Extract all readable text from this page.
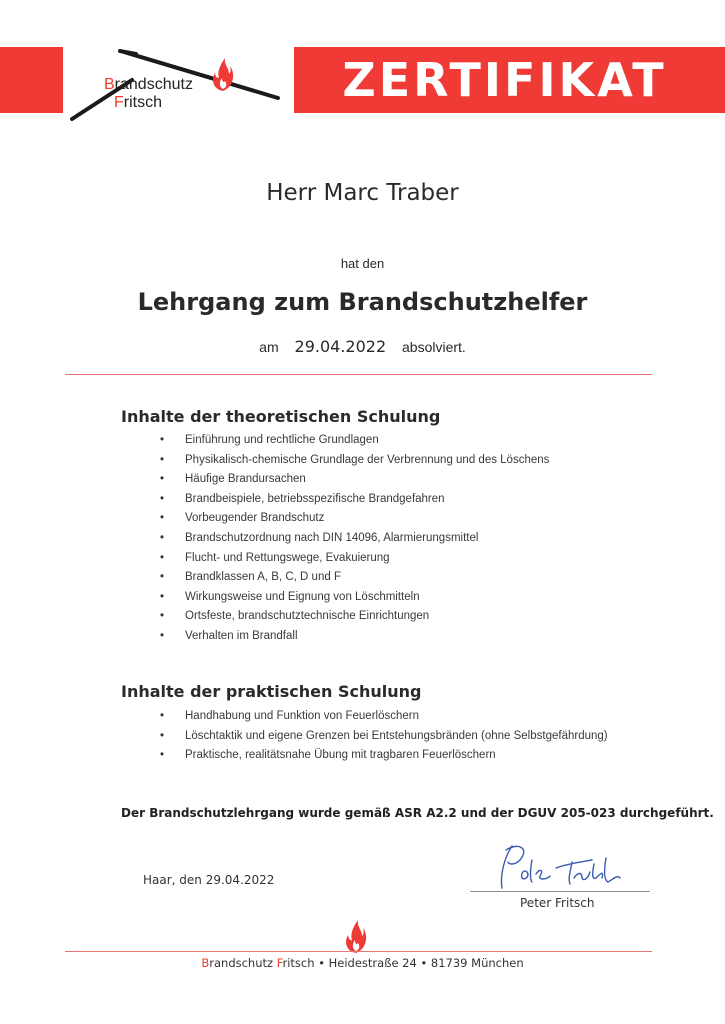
Brandschutz
Fritsch	ZERTIFIKAT
Herr Marc Traber
hat den
Lehrgang zum Brandschutzhelfer
am 29.04.2022 absolviert.
Inhalte der theoretischen Schulung
• Einführung und rechtliche Grundlagen
• Physikalisch-chemische Grundlage der Verbrennung und des Löschens
• Häufige Brandursachen
• Brandbeispiele, betriebsspezifische Brandgefahren
• Vorbeugender Brandschutz
• Brandschutzordnung nach DIN 14096, Alarmierungsmittel
• Flucht- und Rettungswege, Evakuierung
• Brandklassen A, B, C, D und F
• Wirkungsweise und Eignung von Löschmitteln
• Ortsfeste, brandschutztechnische Einrichtungen
• Verhalten im Brandfall
Inhalte der praktischen Schulung
• Handhabung und Funktion von Feuerlöschern
• Löschtaktik und eigene Grenzen bei Entstehungsbränden (ohne Selbstgefährdung)
• Praktische, realitätsnahe Übung mit tragbaren Feuerlöschern
Der Brandschutzlehrgang wurde gemäß ASR A2.2 und der DGUV 205-023 durchgeführt.
Haar, den 29.04.2022
Peter Fritsch
Brandschutz Fritsch • Heidestraße 24 • 81739 München
